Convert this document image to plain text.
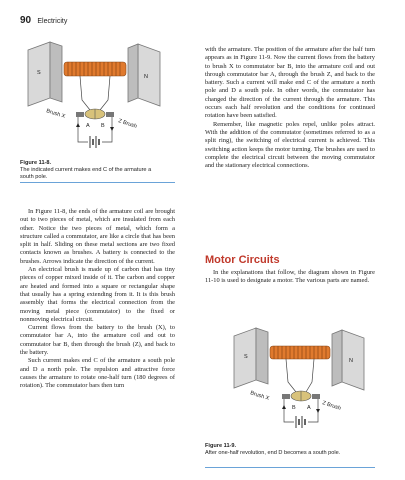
90 Electricity
S
N
Brush X
Z Brush
A B
Figure 11-8.
The indicated current makes end C of the armature a south pole.

In Figure 11-8, the ends of the armature coil are brought out to two pieces of metal, which are insulated from each other. Notice the two pieces of metal, which form a structure called a commutator, are like a circle that has been split in half. Sliding on these metal sections are two fixed contacts known as brushes. A battery is connected to the brushes. Arrows indicate the direction of the current.

An electrical brush is made up of carbon that has tiny pieces of copper mixed inside of it. The carbon and copper are heated and formed into a square or rectangular shape that usually has a spring extending from it. It is this brush assembly that forms the electrical connection from the moving metal piece (commutator) to the fixed or nonmoving electrical circuit.

Current flows from the battery to the brush (X), to commutator bar A, into the armature coil and out to commutator bar B, then through the brush (Z), and back to the battery.

Such current makes end C of the armature a south pole and D a north pole. The repulsion and attractive force causes the armature to rotate one-half turn (180 degrees of rotation). The commutator bars then turn

with the armature. The position of the armature after the half turn appears as in Figure 11-9. Now the current flows from the battery to brush X to commutator bar B, into the armature coil and out through commutator bar A, through the brush Z, and back to the battery. Such a current will make end C of the armature a north pole and D a south pole. In other words, the commutator has changed the direction of the current through the armature. This occurs each half revolution and the conditions for continued rotation have been satisfied.

Remember, like magnetic poles repel, unlike poles attract. With the addition of the commutator (sometimes referred to as a split ring), the switching of electrical current is achieved. This switching action keeps the motor turning. The brushes are used to complete the electrical circuit between the moving commutator and the stationary electrical connections.

Motor Circuits

In the explanations that follow, the diagram shown in Figure 11-10 is used to designate a motor. The various parts are named.

S
N
Brush X
Z Brush
B A
Figure 11-9.
After one-half revolution, end D becomes a south pole.
